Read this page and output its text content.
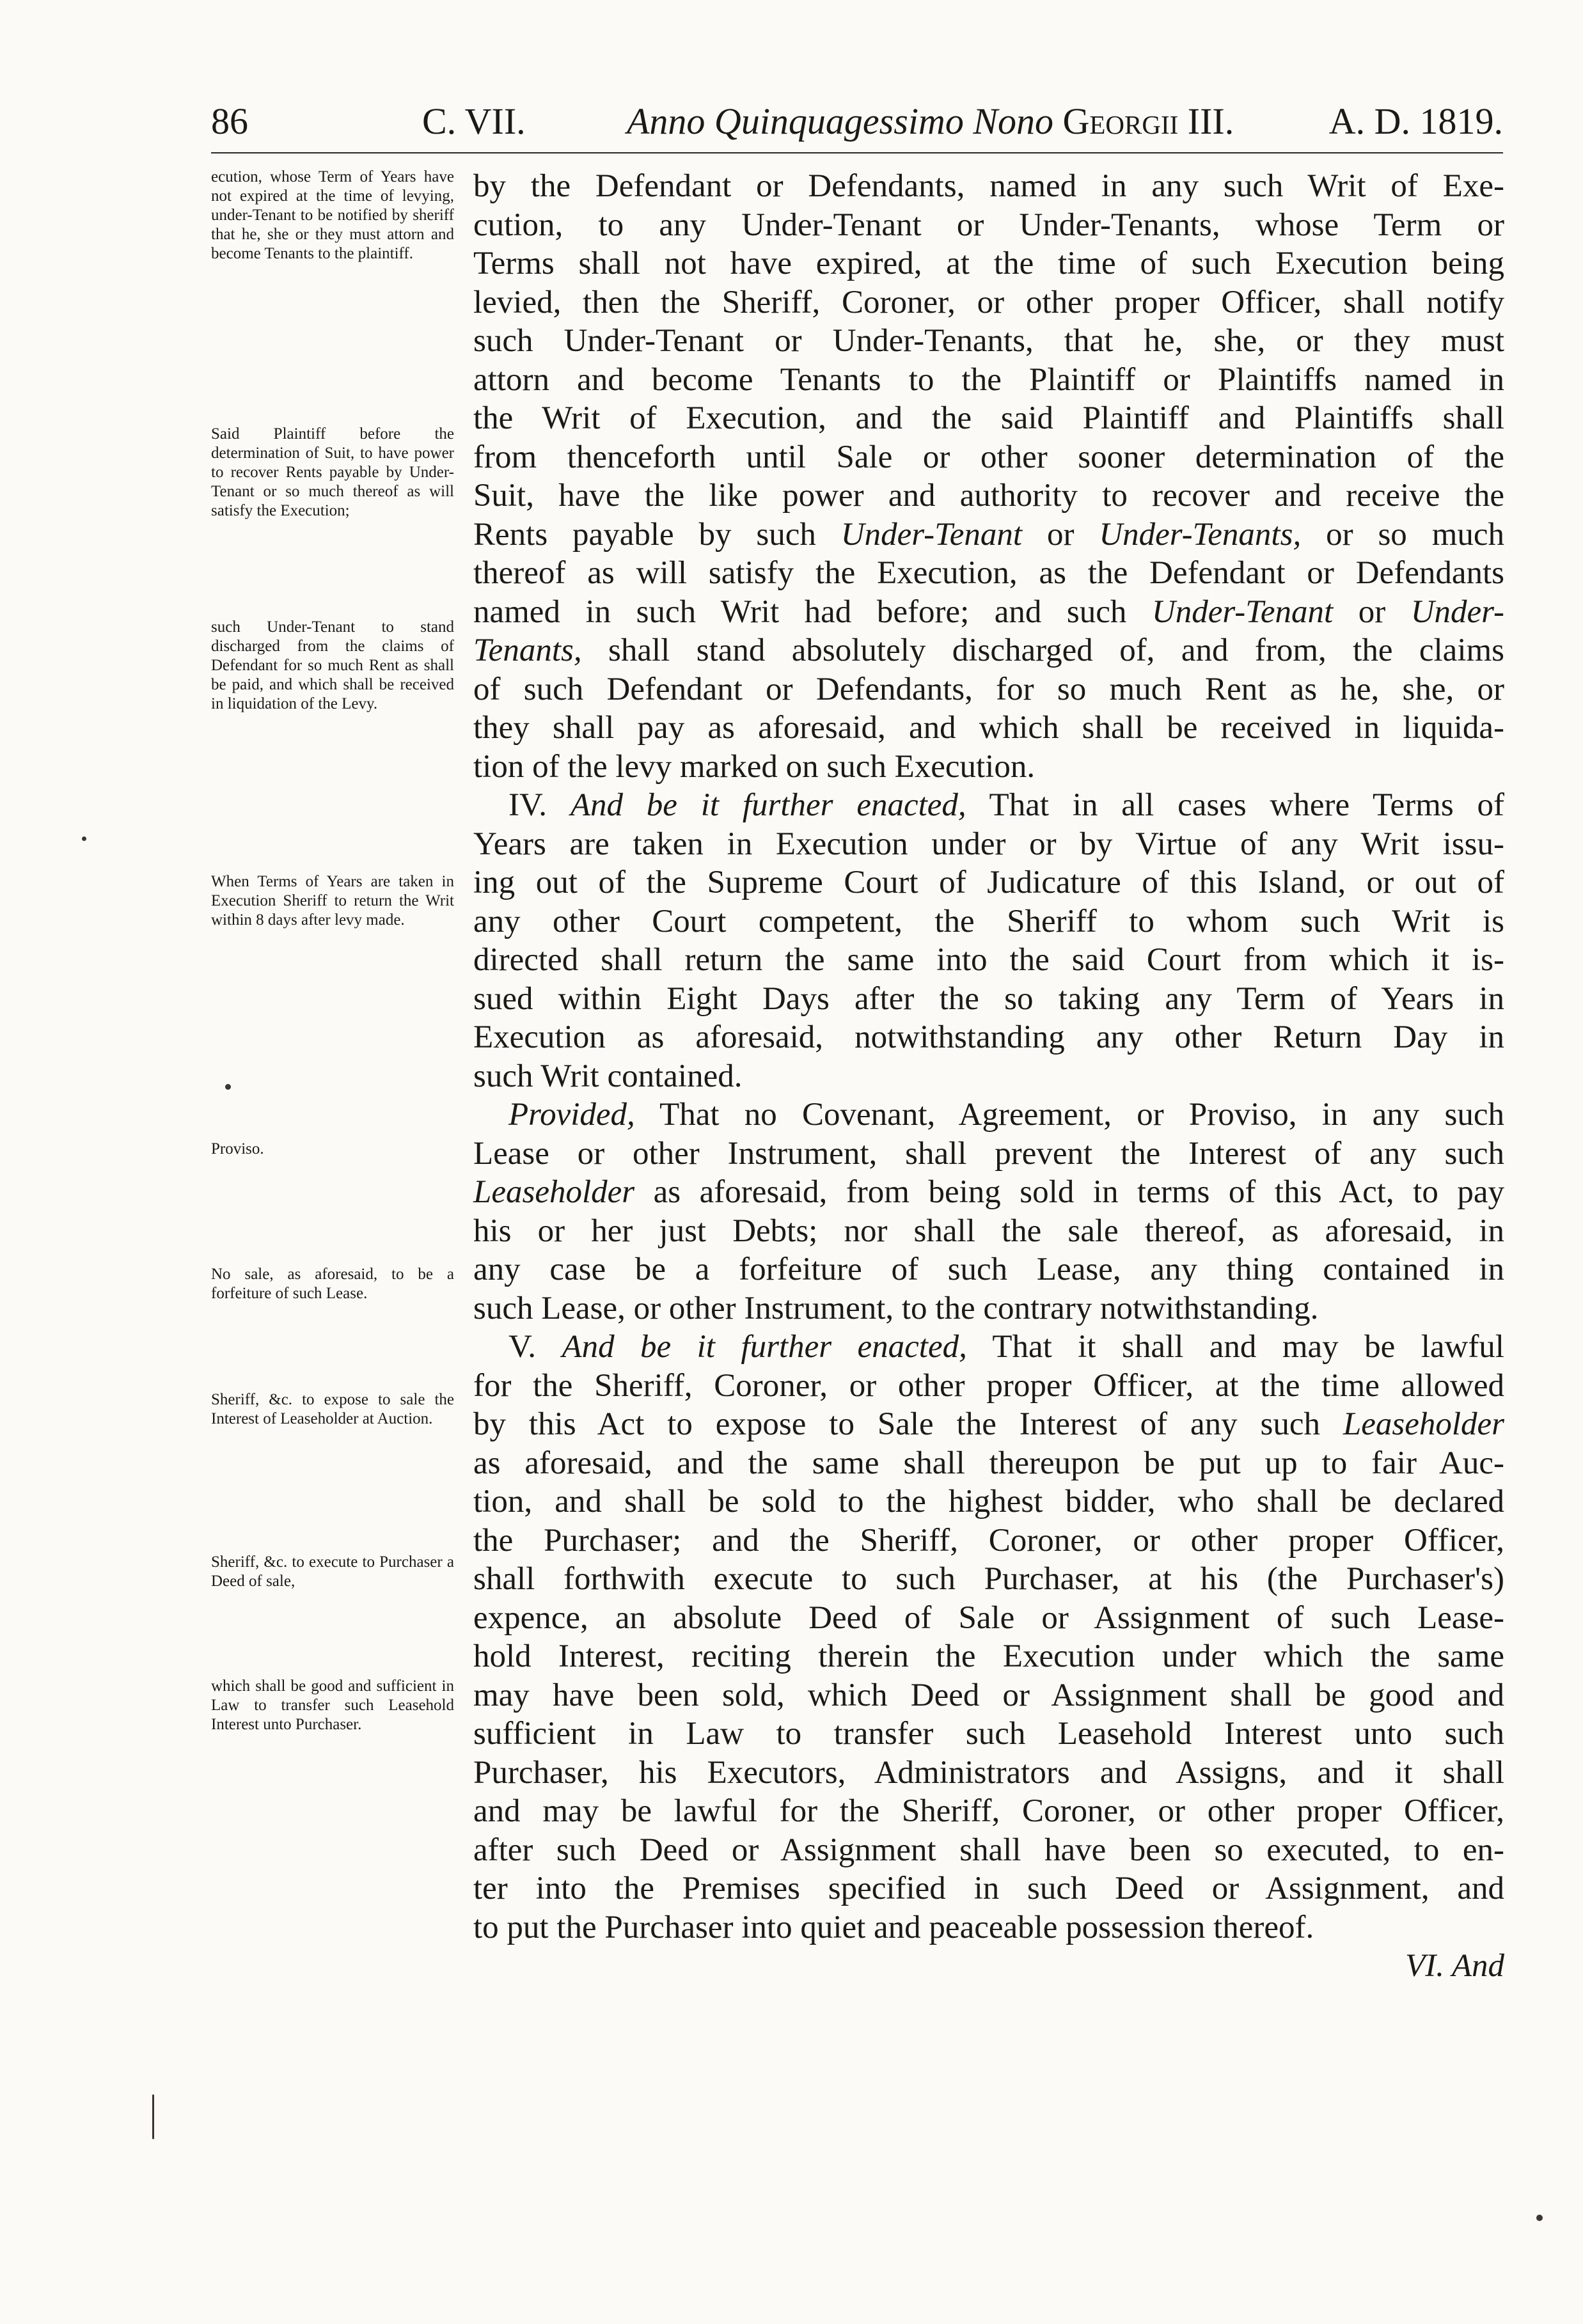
86	C. VII.	Anno Quinquagessimo Nono Georgii III.	A. D. 1819.
ecution, whose Term of Years have not expired at the time of levying, under-Tenant to be notified by sheriff that he, she or they must attorn and become Tenants to the plaintiff.
Said Plaintiff before the determination of Suit, to have power to recover Rents payable by Under-Tenant or so much thereof as will satisfy the Execution;
such Under-Tenant to stand discharged from the claims of Defendant for so much Rent as shall be paid, and which shall be received in liquidation of the Levy.
When Terms of Years are taken in Execution Sheriff to return the Writ within 8 days after levy made.
Proviso.
No sale, as aforesaid, to be a forfeiture of such Lease.
Sheriff, &c. to expose to sale the Interest of Leaseholder at Auction.
Sheriff, &c. to execute to Purchaser a Deed of sale,
which shall be good and sufficient in Law to transfer such Leasehold Interest unto Purchaser.
by the Defendant or Defendants, named in any such Writ of Exe-
cution, to any Under-Tenant or Under-Tenants, whose Term or
Terms shall not have expired, at the time of such Execution being
levied, then the Sheriff, Coroner, or other proper Officer, shall notify
such Under-Tenant or Under-Tenants, that he, she, or they must
attorn and become Tenants to the Plaintiff or Plaintiffs named in
the Writ of Execution, and the said Plaintiff and Plaintiffs shall
from thenceforth until Sale or other sooner determination of the
Suit, have the like power and authority to recover and receive the
Rents payable by such Under-Tenant or Under-Tenants, or so much
thereof as will satisfy the Execution, as the Defendant or Defendants
named in such Writ had before; and such Under-Tenant or Under-
Tenants, shall stand absolutely discharged of, and from, the claims
of such Defendant or Defendants, for so much Rent as he, she, or
they shall pay as aforesaid, and which shall be received in liquida-
tion of the levy marked on such Execution.
IV. And be it further enacted, That in all cases where Terms of
Years are taken in Execution under or by Virtue of any Writ issu-
ing out of the Supreme Court of Judicature of this Island, or out of
any other Court competent, the Sheriff to whom such Writ is
directed shall return the same into the said Court from which it is-
sued within Eight Days after the so taking any Term of Years in
Execution as aforesaid, notwithstanding any other Return Day in
such Writ contained.
Provided, That no Covenant, Agreement, or Proviso, in any such
Lease or other Instrument, shall prevent the Interest of any such
Leaseholder as aforesaid, from being sold in terms of this Act, to pay
his or her just Debts; nor shall the sale thereof, as aforesaid, in
any case be a forfeiture of such Lease, any thing contained in
such Lease, or other Instrument, to the contrary notwithstanding.
V. And be it further enacted, That it shall and may be lawful
for the Sheriff, Coroner, or other proper Officer, at the time allowed
by this Act to expose to Sale the Interest of any such Leaseholder
as aforesaid, and the same shall thereupon be put up to fair Auc-
tion, and shall be sold to the highest bidder, who shall be declared
the Purchaser; and the Sheriff, Coroner, or other proper Officer,
shall forthwith execute to such Purchaser, at his (the Purchaser's)
expence, an absolute Deed of Sale or Assignment of such Lease-
hold Interest, reciting therein the Execution under which the same
may have been sold, which Deed or Assignment shall be good and
sufficient in Law to transfer such Leasehold Interest unto such
Purchaser, his Executors, Administrators and Assigns, and it shall
and may be lawful for the Sheriff, Coroner, or other proper Officer,
after such Deed or Assignment shall have been so executed, to en-
ter into the Premises specified in such Deed or Assignment, and
to put the Purchaser into quiet and peaceable possession thereof.
VI. And
